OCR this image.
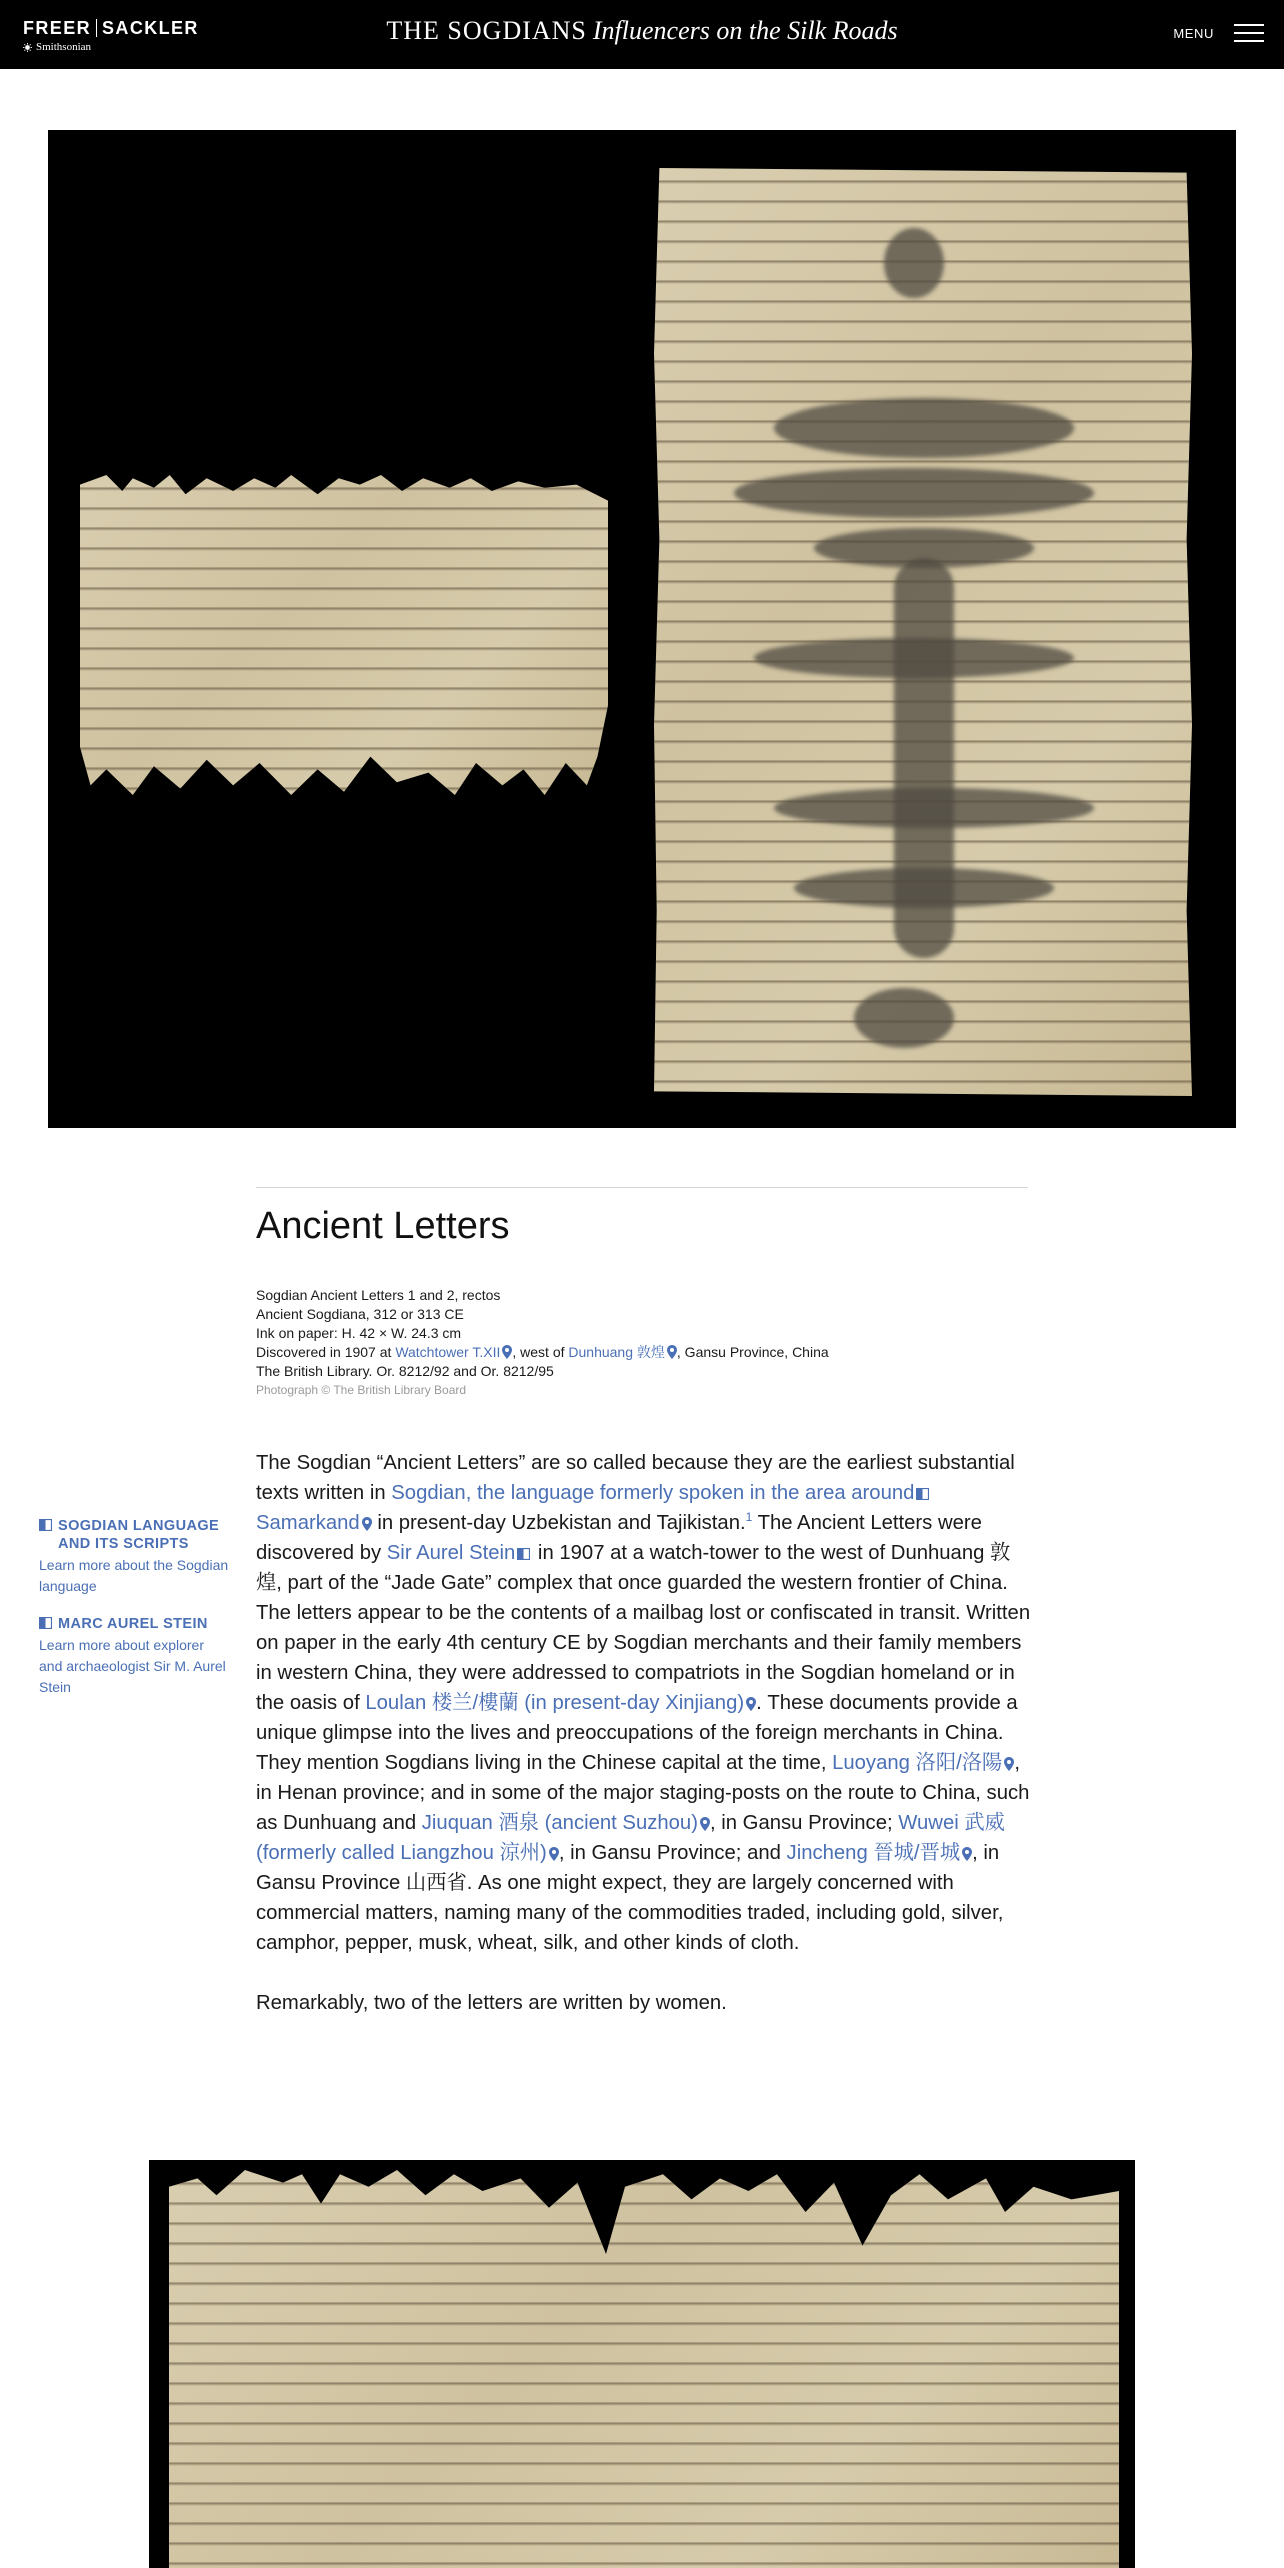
FREER SACKLER
Smithsonian
THE SOGDIANS Influencers on the Silk Roads	MENU
Ancient Letters
Sogdian Ancient Letters 1 and 2, rectos
Ancient Sogdiana, 312 or 313 CE
Ink on paper: H. 42 × W. 24.3 cm
Discovered in 1907 at Watchtower T.XII , west of Dunhuang 敦煌 , Gansu Province, China
The British Library. Or. 8212/92 and Or. 8212/95
Photograph © The British Library Board
SOGDIAN LANGUAGE AND ITS SCRIPTS
Learn more about the Sogdian language
MARC AUREL STEIN
Learn more about explorer and archaeologist Sir M. Aurel Stein

The Sogdian “Ancient Letters” are so called because they are the earliest substantial texts written in Sogdian, the language formerly spoken in the area aroundSamarkand in present-day Uzbekistan and Tajikistan.$^1$ The Ancient Letters were discovered by Sir Aurel Stein in 1907 at a watch-tower to the west of Dunhuang 敦煌, part of the “Jade Gate” complex that once guarded the western frontier of China. The letters appear to be the contents of a mailbag lost or confiscated in transit. Written on paper in the early 4th century CE by Sogdian merchants and their family members in western China, they were addressed to compatriots in the Sogdian homeland or in the oasis of Loulan 楼兰/樓蘭 (in present-day Xinjiang) . These documents provide a unique glimpse into the lives and preoccupations of the foreign merchants in China. They mention Sogdians living in the Chinese capital at the time, Luoyang 洛阳/洛陽 , in Henan province; and in some of the major staging-posts on the route to China, such as Dunhuang and Jiuquan 酒泉 (ancient Suzhou) , in Gansu Province; Wuwei 武威 (formerly called Liangzhou 涼州) , in Gansu Province; and Jincheng 晉城/晋城 , in Gansu Province 山西省. As one might expect, they are largely concerned with commercial matters, naming many of the commodities traded, including gold, silver, camphor, pepper, musk, wheat, silk, and other kinds of cloth.

Remarkably, two of the letters are written by women.
